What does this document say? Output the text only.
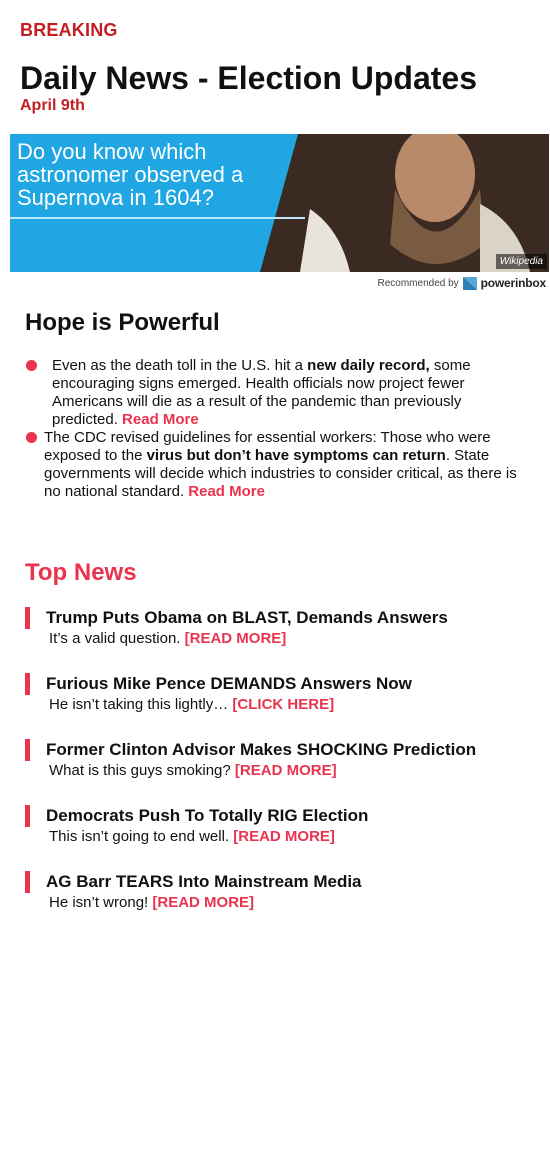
BREAKING
Daily News - Election Updates
April 9th
Do you know which astronomer observed a Supernova in 1604?
Wikipedia
Recommended by powerinbox
Hope is Powerful
Even as the death toll in the U.S. hit a new daily record, some encouraging signs emerged. Health officials now project fewer Americans will die as a result of the pandemic than previously predicted. Read More
The CDC revised guidelines for essential workers: Those who were exposed to the virus but don’t have symptoms can return. State governments will decide which industries to consider critical, as there is no national standard. Read More
Top News
Trump Puts Obama on BLAST, Demands Answers
It’s a valid question. [READ MORE]
Furious Mike Pence DEMANDS Answers Now
He isn’t taking this lightly… [CLICK HERE]
Former Clinton Advisor Makes SHOCKING Prediction
What is this guys smoking? [READ MORE]
Democrats Push To Totally RIG Election
This isn’t going to end well. [READ MORE]
AG Barr TEARS Into Mainstream Media
He isn’t wrong! [READ MORE]
